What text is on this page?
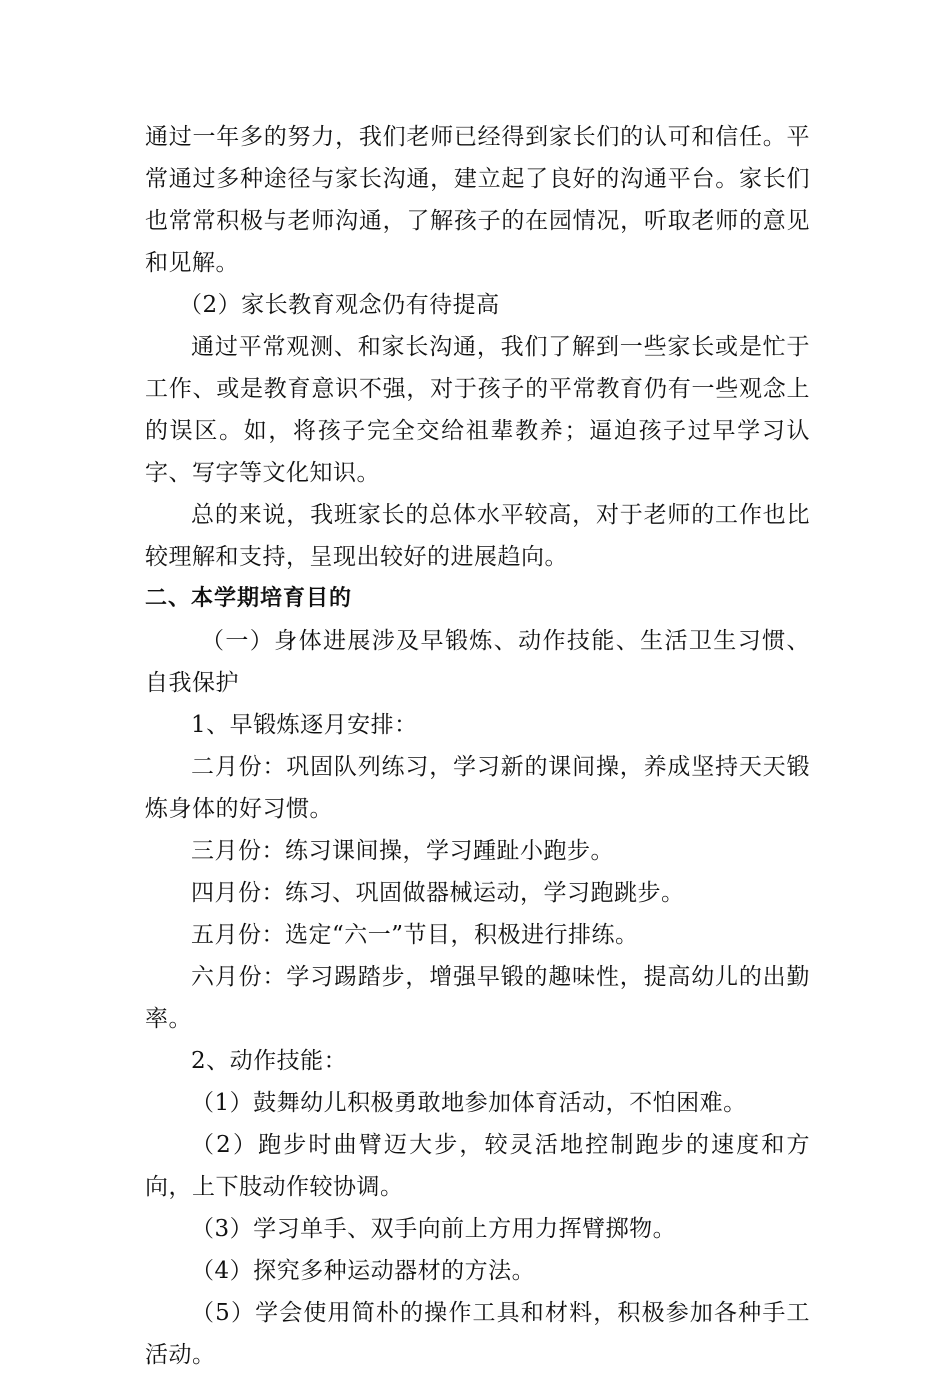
通过一年多的努力，我们老师已经得到家长们的认可和信任。平常通过多种途径与家长沟通，建立起了良好的沟通平台。家长们也常常积极与老师沟通，了解孩子的在园情况，听取老师的意见和见解。

（2）家长教育观念仍有待提高

通过平常观测、和家长沟通，我们了解到一些家长或是忙于工作、或是教育意识不强，对于孩子的平常教育仍有一些观念上的误区。如，将孩子完全交给祖辈教养；逼迫孩子过早学习认字、写字等文化知识。

总的来说，我班家长的总体水平较高，对于老师的工作也比较理解和支持，呈现出较好的进展趋向。

二、本学期培育目的

（一）身体进展涉及早锻炼、动作技能、生活卫生习惯、自我保护

1、早锻炼逐月安排：

二月份：巩固队列练习，学习新的课间操，养成坚持天天锻炼身体的好习惯。

三月份：练习课间操，学习踵趾小跑步。

四月份：练习、巩固做器械运动，学习跑跳步。

五月份：选定“六一”节目，积极进行排练。

六月份：学习踢踏步，增强早锻的趣味性，提高幼儿的出勤率。

2、动作技能：

（1）鼓舞幼儿积极勇敢地参加体育活动，不怕困难。

（2）跑步时曲臂迈大步，较灵活地控制跑步的速度和方向，上下肢动作较协调。

（3）学习单手、双手向前上方用力挥臂掷物。

（4）探究多种运动器材的方法。

（5）学会使用简朴的操作工具和材料，积极参加各种手工活动。
